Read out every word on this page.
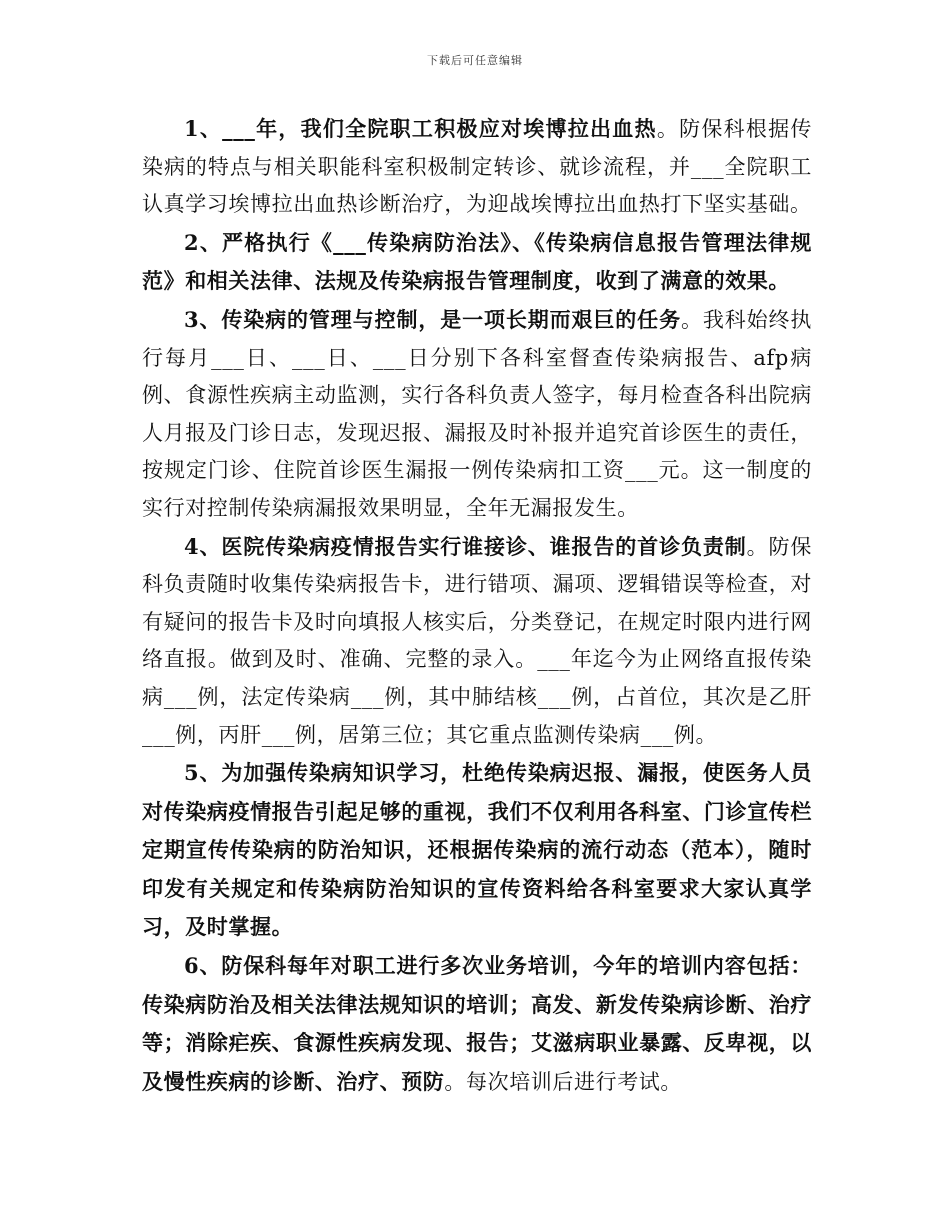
下载后可任意编辑

1、___年，我们全院职工积极应对埃博拉出血热。防保科根据传染病的特点与相关职能科室积极制定转诊、就诊流程，并___全院职工认真学习埃博拉出血热诊断治疗，为迎战埃博拉出血热打下坚实基础。

2、严格执行《___传染病防治法》、《传染病信息报告管理法律规范》和相关法律、法规及传染病报告管理制度，收到了满意的效果。

3、传染病的管理与控制，是一项长期而艰巨的任务。我科始终执行每月___日、___日、___日分别下各科室督查传染病报告、afp病例、食源性疾病主动监测，实行各科负责人签字，每月检查各科出院病人月报及门诊日志，发现迟报、漏报及时补报并追究首诊医生的责任，按规定门诊、住院首诊医生漏报一例传染病扣工资___元。这一制度的实行对控制传染病漏报效果明显，全年无漏报发生。

4、医院传染病疫情报告实行谁接诊、谁报告的首诊负责制。防保科负责随时收集传染病报告卡，进行错项、漏项、逻辑错误等检查，对有疑问的报告卡及时向填报人核实后，分类登记，在规定时限内进行网络直报。做到及时、准确、完整的录入。___年迄今为止网络直报传染病___例，法定传染病___例，其中肺结核___例，占首位，其次是乙肝___例，丙肝___例，居第三位；其它重点监测传染病___例。

5、为加强传染病知识学习，杜绝传染病迟报、漏报，使医务人员对传染病疫情报告引起足够的重视，我们不仅利用各科室、门诊宣传栏定期宣传传染病的防治知识，还根据传染病的流行动态（范本），随时印发有关规定和传染病防治知识的宣传资料给各科室要求大家认真学习，及时掌握。

6、防保科每年对职工进行多次业务培训，今年的培训内容包括：传染病防治及相关法律法规知识的培训；高发、新发传染病诊断、治疗等；消除疟疾、食源性疾病发现、报告；艾滋病职业暴露、反卑视，以及慢性疾病的诊断、治疗、预防。每次培训后进行考试。
